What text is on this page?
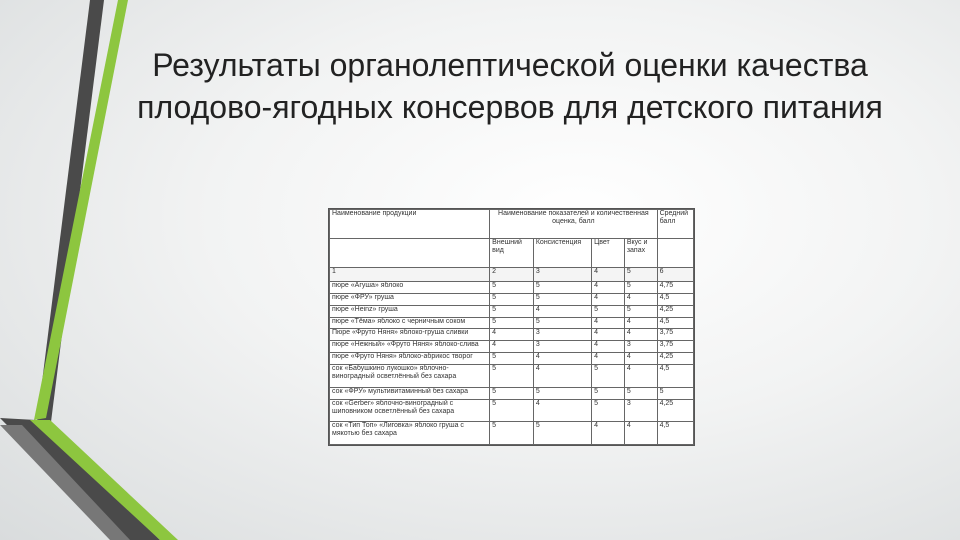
Результаты органолептической оценки качества
плодово-ягодных консервов для детского питания
Наименование продукции	Наименование показателей и количественная оценка, балл				Средний балл
	Внешний вид	Консистенция	Цвет	Вкус и запах	
1	2	3	4	5	6
пюре «Агуша» яблоко	5	5	4	5	4,75
пюре «ФРУ» груша	5	5	4	4	4,5
пюре «Heinz» груша	5	4	5	5	4,25
пюре «Тёма» яблоко с черничным соком	5	5	4	4	4,5
Пюре «Фруто Няня» яблоко-груша сливки	4	3	4	4	3,75
пюре «Нежный» «Фруто Няня» яблоко-слива	4	3	4	3	3,75
пюре «Фруто Няня» яблоко-абрикос творог	5	4	4	4	4,25
сок «Бабушкино лукошко» яблочно-виноградный осветлённый без сахара	5	4	5	4	4,5
сок «ФРУ» мультивитаминный без сахара	5	5	5	5	5
сок «Gerber» яблочно-виноградный с шиповником осветлённый без сахара	5	4	5	3	4,25
сок «Тип Топ» «Лиговка» яблоко груша с мякотью без сахара	5	5	4	4	4,5
